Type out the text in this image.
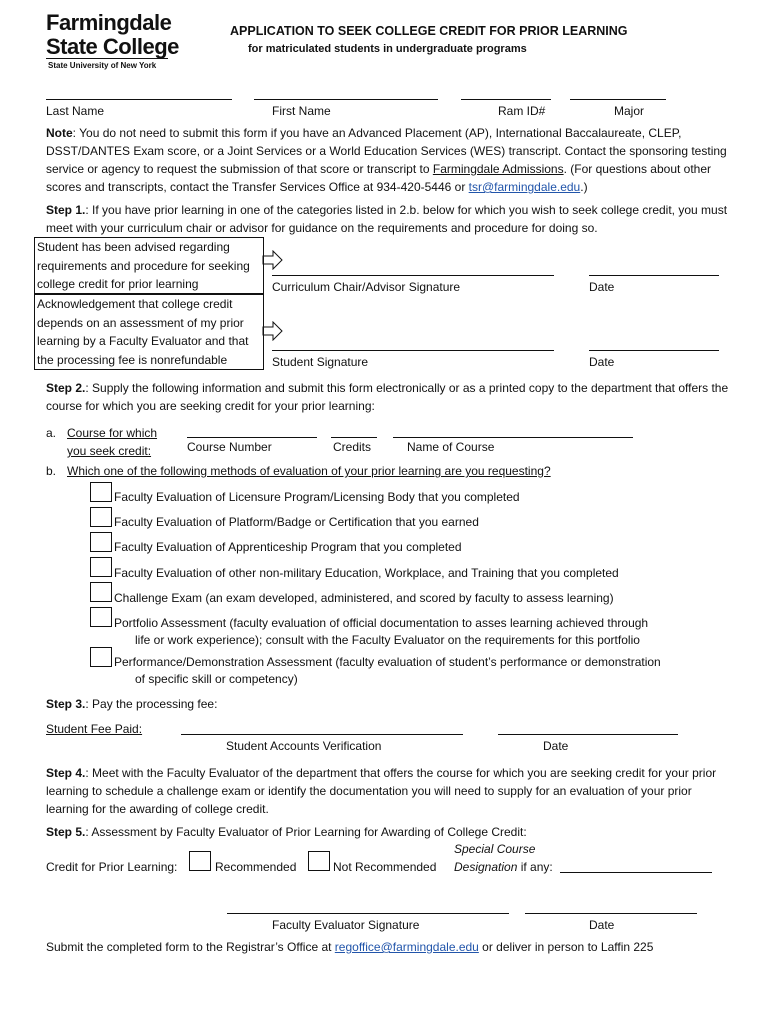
Farmingdale
State College
State University of New York
APPLICATION TO SEEK COLLEGE CREDIT FOR PRIOR LEARNING
for matriculated students in undergraduate programs
Last Name	First Name	Ram ID#	Major
Note: You do not need to submit this form if you have an Advanced Placement (AP), International Baccalaureate, CLEP, DSST/DANTES Exam score, or a Joint Services or a World Education Services (WES) transcript. Contact the sponsoring testing service or agency to request the submission of that score or transcript to Farmingdale Admissions. (For questions about other scores and transcripts, contact the Transfer Services Office at 934-420-5446 or tsr@farmingdale.edu.)
Step 1.: If you have prior learning in one of the categories listed in 2.b. below for which you wish to seek college credit, you must meet with your curriculum chair or advisor for guidance on the requirements and procedure for doing so.
Student has been advised regarding requirements and procedure for seeking college credit for prior learning
Acknowledgement that college credit depends on an assessment of my prior learning by a Faculty Evaluator and that the processing fee is nonrefundable
Curriculum Chair/Advisor Signature	Date
Student Signature	Date
Step 2.: Supply the following information and submit this form electronically or as a printed copy to the department that offers the course for which you are seeking credit for your prior learning:
a. Course for which
you seek credit:	Course Number	Credits	Name of Course
b. Which one of the following methods of evaluation of your prior learning are you requesting?
Faculty Evaluation of Licensure Program/Licensing Body that you completed
Faculty Evaluation of Platform/Badge or Certification that you earned
Faculty Evaluation of Apprenticeship Program that you completed
Faculty Evaluation of other non-military Education, Workplace, and Training that you completed
Challenge Exam (an exam developed, administered, and scored by faculty to assess learning)
Portfolio Assessment (faculty evaluation of official documentation to asses learning achieved through
life or work experience); consult with the Faculty Evaluator on the requirements for this portfolio
Performance/Demonstration Assessment (faculty evaluation of student’s performance or demonstration
of specific skill or competency)
Step 3.: Pay the processing fee:
Student Fee Paid:
Student Accounts Verification	Date
Step 4.: Meet with the Faculty Evaluator of the department that offers the course for which you are seeking credit for your prior learning to schedule a challenge exam or identify the documentation you will need to supply for an evaluation of your prior learning for the awarding of college credit.
Step 5.: Assessment by Faculty Evaluator of Prior Learning for Awarding of College Credit:
Special Course
Credit for Prior Learning:	Recommended	Not Recommended Designation if any:
Faculty Evaluator Signature	Date
Submit the completed form to the Registrar’s Office at regoffice@farmingdale.edu or deliver in person to Laffin 225
